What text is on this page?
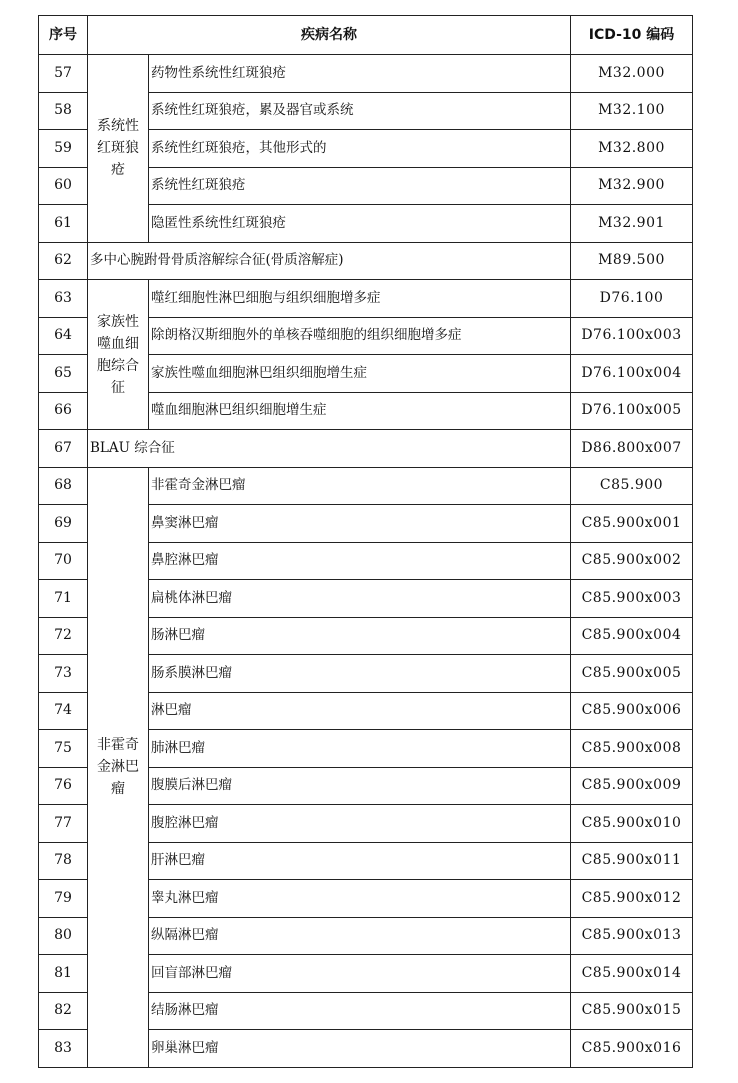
序号	疾病名称		ICD-10 编码
57	系统性红斑狼疮	药物性系统性红斑狼疮	M32.000
58		系统性红斑狼疮，累及器官或系统	M32.100
59		系统性红斑狼疮，其他形式的	M32.800
60		系统性红斑狼疮	M32.900
61		隐匿性系统性红斑狼疮	M32.901
62	多中心腕跗骨骨质溶解综合征(骨质溶解症)		M89.500
63	家族性噬血细胞综合征	噬红细胞性淋巴细胞与组织细胞增多症	D76.100
64		除朗格汉斯细胞外的单核吞噬细胞的组织细胞增多症	D76.100x003
65		家族性噬血细胞淋巴组织细胞增生症	D76.100x004
66		噬血细胞淋巴组织细胞增生症	D76.100x005
67	BLAU 综合征		D86.800x007
68	非霍奇金淋巴瘤	非霍奇金淋巴瘤	C85.900
69		鼻窦淋巴瘤	C85.900x001
70		鼻腔淋巴瘤	C85.900x002
71		扁桃体淋巴瘤	C85.900x003
72		肠淋巴瘤	C85.900x004
73		肠系膜淋巴瘤	C85.900x005
74		淋巴瘤	C85.900x006
75		肺淋巴瘤	C85.900x008
76		腹膜后淋巴瘤	C85.900x009
77		腹腔淋巴瘤	C85.900x010
78		肝淋巴瘤	C85.900x011
79		睾丸淋巴瘤	C85.900x012
80		纵隔淋巴瘤	C85.900x013
81		回盲部淋巴瘤	C85.900x014
82		结肠淋巴瘤	C85.900x015
83		卵巢淋巴瘤	C85.900x016
